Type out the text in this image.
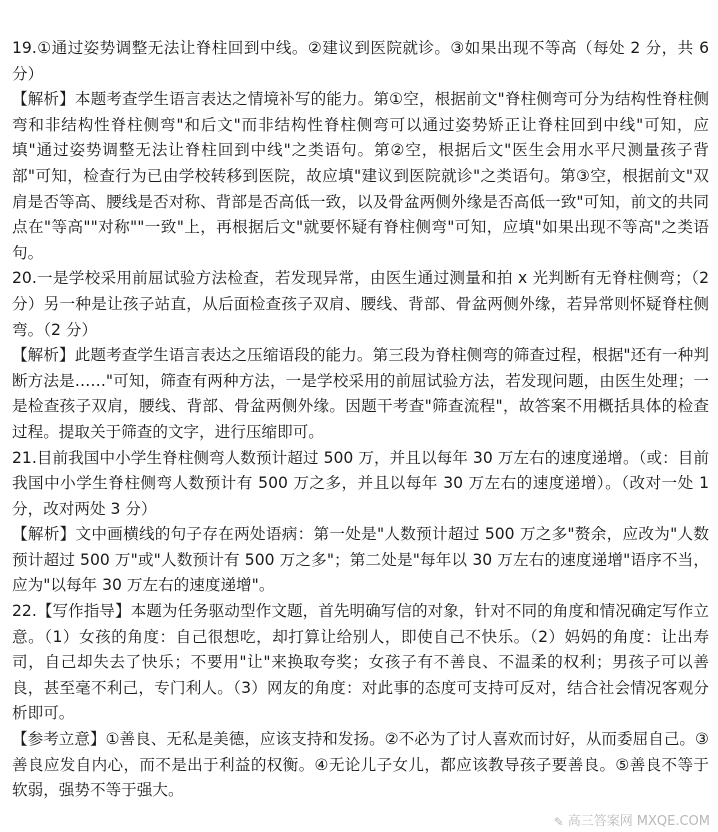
19.①通过姿势调整无法让脊柱回到中线。②建议到医院就诊。③如果出现不等高（每处 2 分，共 6 分）

【解析】本题考查学生语言表达之情境补写的能力。第①空，根据前文"脊柱侧弯可分为结构性脊柱侧弯和非结构性脊柱侧弯"和后文"而非结构性脊柱侧弯可以通过姿势矫正让脊柱回到中线"可知，应填"通过姿势调整无法让脊柱回到中线"之类语句。第②空，根据后文"医生会用水平尺测量孩子背部"可知，检查行为已由学校转移到医院，故应填"建议到医院就诊"之类语句。第③空，根据前文"双肩是否等高、腰线是否对称、背部是否高低一致，以及骨盆两侧外缘是否高低一致"可知，前文的共同点在"等高""对称""一致"上，再根据后文"就要怀疑有脊柱侧弯"可知，应填"如果出现不等高"之类语句。

20.一是学校采用前屈试验方法检查，若发现异常，由医生通过测量和拍 x 光判断有无脊柱侧弯；（2 分）另一种是让孩子站直，从后面检查孩子双肩、腰线、背部、骨盆两侧外缘，若异常则怀疑脊柱侧弯。（2 分）

【解析】此题考查学生语言表达之压缩语段的能力。第三段为脊柱侧弯的筛查过程，根据"还有一种判断方法是……"可知，筛查有两种方法，一是学校采用的前屈试验方法，若发现问题，由医生处理；一是检查孩子双肩，腰线、背部、骨盆两侧外缘。因题干考查"筛查流程"，故答案不用概括具体的检查过程。提取关于筛查的文字，进行压缩即可。

21.目前我国中小学生脊柱侧弯人数预计超过 500 万，并且以每年 30 万左右的速度递增。（或：目前我国中小学生脊柱侧弯人数预计有 500 万之多，并且以每年 30 万左右的速度递增）。（改对一处 1 分，改对两处 3 分）

【解析】文中画横线的句子存在两处语病：第一处是"人数预计超过 500 万之多"赘余，应改为"人数预计超过 500 万"或"人数预计有 500 万之多"；第二处是"每年以 30 万左右的速度递增"语序不当，应为"以每年 30 万左右的速度递增"。

22.【写作指导】本题为任务驱动型作文题，首先明确写信的对象，针对不同的角度和情况确定写作立意。（1）女孩的角度：自己很想吃，却打算让给别人，即使自己不快乐。（2）妈妈的角度：让出寿司，自己却失去了快乐；不要用"让"来换取夸奖；女孩子有不善良、不温柔的权利；男孩子可以善良，甚至毫不利己，专门利人。（3）网友的角度：对此事的态度可支持可反对，结合社会情况客观分析即可。

【参考立意】①善良、无私是美德，应该支持和发扬。②不必为了讨人喜欢而讨好，从而委屈自己。③善良应发自内心，而不是出于利益的权衡。④无论儿子女儿，都应该教导孩子要善良。⑤善良不等于软弱，强势不等于强大。

✎ 高三答案网 MXQE.COM
